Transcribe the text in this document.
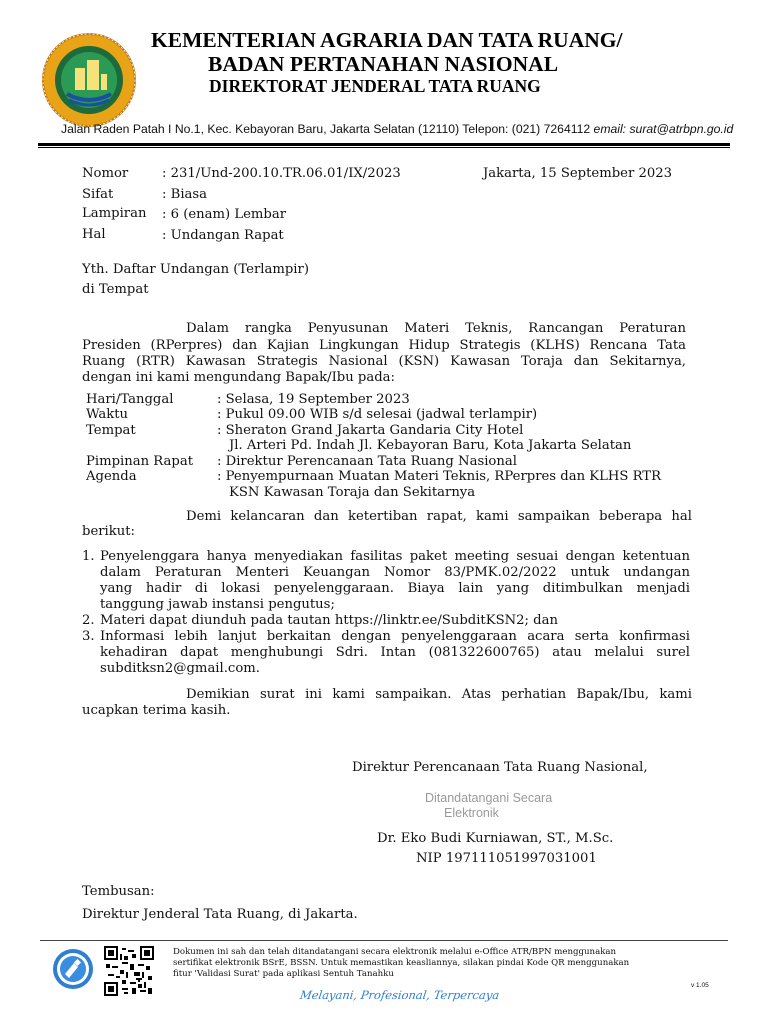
KEMENTERIAN AGRARIA DAN TATA RUANG/
BADAN PERTANAHAN NASIONAL
DIREKTORAT JENDERAL TATA RUANG
Jalan Raden Patah I No.1, Kec. Kebayoran Baru, Jakarta Selatan (12110) Telepon: (021) 7264112 email: surat@atrbpn.go.id
Nomor	: 231/Und-200.10.TR.06.01/IX/2023	Jakarta, 15 September 2023
Sifat	: Biasa
Lampiran : 6 (enam) Lembar
Hal	: Undangan Rapat
Yth. Daftar Undangan (Terlampir)
di Tempat
Dalam rangka Penyusunan Materi Teknis, Rancangan Peraturan
Presiden (RPerpres) dan Kajian Lingkungan Hidup Strategis (KLHS) Rencana Tata
Ruang (RTR) Kawasan Strategis Nasional (KSN) Kawasan Toraja dan Sekitarnya,
dengan ini kami mengundang Bapak/Ibu pada:
Hari/Tanggal	: Selasa, 19 September 2023
Waktu	: Pukul 09.00 WIB s/d selesai (jadwal terlampir)
Tempat	: Sheraton Grand Jakarta Gandaria City Hotel
Jl. Arteri Pd. Indah Jl. Kebayoran Baru, Kota Jakarta Selatan
Pimpinan Rapat : Direktur Perencanaan Tata Ruang Nasional
Agenda	: Penyempurnaan Muatan Materi Teknis, RPerpres dan KLHS RTR
KSN Kawasan Toraja dan Sekitarnya
Demi kelancaran dan ketertiban rapat, kami sampaikan beberapa hal
berikut:
1. Penyelenggara hanya menyediakan fasilitas paket meeting sesuai dengan ketentuan
dalam Peraturan Menteri Keuangan Nomor 83/PMK.02/2022 untuk undangan
yang hadir di lokasi penyelenggaraan. Biaya lain yang ditimbulkan menjadi
tanggung jawab instansi pengutus;
2. Materi dapat diunduh pada tautan https://linktr.ee/SubditKSN2; dan
3. Informasi lebih lanjut berkaitan dengan penyelenggaraan acara serta konfirmasi
kehadiran dapat menghubungi Sdri. Intan (081322600765) atau melalui surel
subditksn2@gmail.com.
Demikian surat ini kami sampaikan. Atas perhatian Bapak/Ibu, kami
ucapkan terima kasih.
Direktur Perencanaan Tata Ruang Nasional,
Ditandatangani Secara
Elektronik
Dr. Eko Budi Kurniawan, ST., M.Sc.
NIP 197111051997031001
Tembusan:
Direktur Jenderal Tata Ruang, di Jakarta.
Dokumen ini sah dan telah ditandatangani secara elektronik melalui e-Office ATR/BPN menggunakan
sertifikat elektronik BSrE, BSSN. Untuk memastikan keasliannya, silakan pindai Kode QR menggunakan
fitur 'Validasi Surat' pada aplikasi Sentuh Tanahku
Melayani, Profesional, Terpercaya
v 1.05
